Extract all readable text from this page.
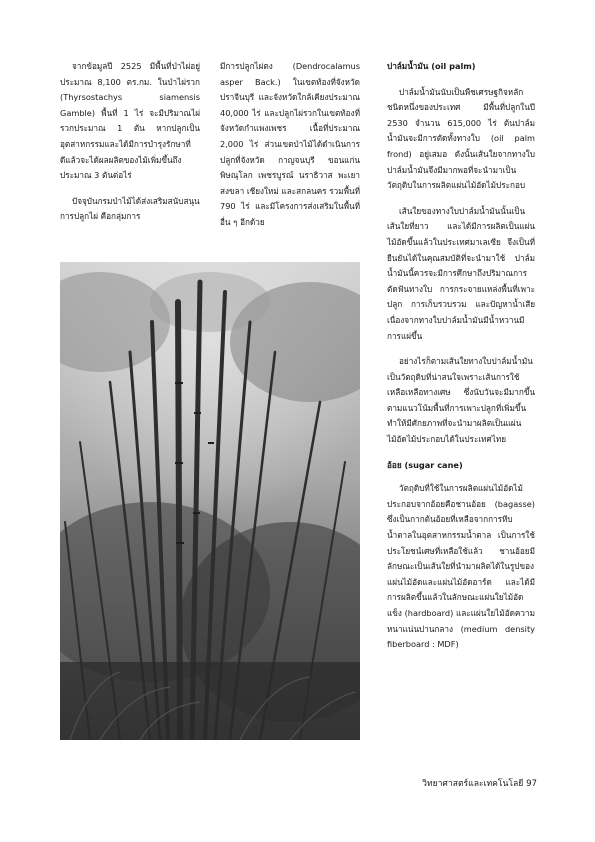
จากข้อมูลปี 2525 มีพื้นที่ป่าไผ่อยู่ประมาณ 8,100 ตร.กม. ในป่าไผ่รวก (Thyrsostachys siamensis Gamble) พื้นที่ 1 ไร่ จะมีปริมาณไผ่รวกประมาณ 1 ตัน หากปลูกเป็นอุตสาหกรรมและได้มีการบำรุงรักษาที่ดีแล้วจะได้ผลผลิตของไม้เพิ่มขึ้นถึงประมาณ 3 ตันต่อไร่

ปัจจุบันกรมป่าไม้ได้ส่งเสริมสนับสนุนการปลูกไผ่ คือกลุ่มการ

มีการปลูกไผ่ตง (Dendrocalamus asper Back.) ในเขตท้องที่จังหวัดปราจีนบุรี และจังหวัดใกล้เคียงประมาณ 40,000 ไร่ และปลูกไผ่รวกในเขตท้องที่จังหวัดกำแพงเพชร เนื้อที่ประมาณ 2,000 ไร่ ส่วนเขตป่าไม้ได้ดำเนินการปลูกที่จังหวัด กาญจนบุรี ขอนแก่น พิษณุโลก เพชรบูรณ์ นราธิวาส พะเยา สงขลา เชียงใหม่ และสกลนคร รวมพื้นที่ 790 ไร่ และมีโครงการส่งเสริมในพื้นที่อื่น ๆ อีกด้วย

ปาล์มน้ำมัน (oil palm)

ปาล์มน้ำมันนับเป็นพืชเศรษฐกิจหลักชนิดหนึ่งของประเทศ มีพื้นที่ปลูกในปี 2530 จำนวน 615,000 ไร่ ต้นปาล์มน้ำมันจะมีการตัดทั้งทางใบ (oil palm frond) อยู่เสมอ ดังนั้นเส้นใยจากทางใบปาล์มน้ำมันจึงมีมากพอที่จะนำมาเป็นวัตถุดิบในการผลิตแผ่นไม้อัดไม้ประกอบ

เส้นใยของทางใบปาล์มน้ำมันนั้นเป็นเส้นใยที่ยาว และได้มีการผลิตเป็นแผ่นไม้อัดขึ้นแล้วในประเทศมาเลเซีย จึงเป็นที่ยืนยันได้ในคุณสมบัติที่จะนำมาใช้ ปาล์มน้ำมันนี้ควรจะมีการศึกษาถึงปริมาณการตัดฟันทางใบ การกระจายแหล่งพื้นที่เพาะปลูก การเก็บรวบรวม และปัญหาน้ำเสียเนื่องจากทางใบปาล์มน้ำมันมีน้ำหวานมีการแผ่ขึ้น

อย่างไรก็ตามเส้นใยทางใบปาล์มน้ำมันเป็นวัตถุดิบที่น่าสนใจเพราะเส้นการใช้เหลือเหลือทางเศษ ซึ่งนับวันจะมีมากขึ้นตามแนวโน้มพื้นที่การเพาะปลูกที่เพิ่มขึ้น ทำให้มีศักยภาพที่จะนำมาผลิตเป็นแผ่นไม้อัดไม้ประกอบได้ในประเทศไทย

อ้อย (sugar cane)

วัตถุดิบที่ใช้ในการผลิตแผ่นไม้อัดไม้ประกอบจากอ้อยคือชานอ้อย (bagasse) ซึ่งเป็นกากต้นอ้อยที่เหลือจากการหีบน้ำตาลในอุตสาหกรรมน้ำตาล เป็นการใช้ประโยชน์เศษที่เหลือใช้แล้ว ชานอ้อยมีลักษณะเป็นเส้นใยที่นำมาผลิตได้ในรูปของแผ่นไม้อัดและแผ่นไม้อัดอาร์ด และได้มีการผลิตขึ้นแล้วในลักษณะแผ่นใยไม้อัดแข็ง (hardboard) และแผ่นใยไม้อัดความหนาแน่นปานกลาง (medium density fiberboard : MDF)

วิทยาศาสตร์และเทคโนโลยี 97
